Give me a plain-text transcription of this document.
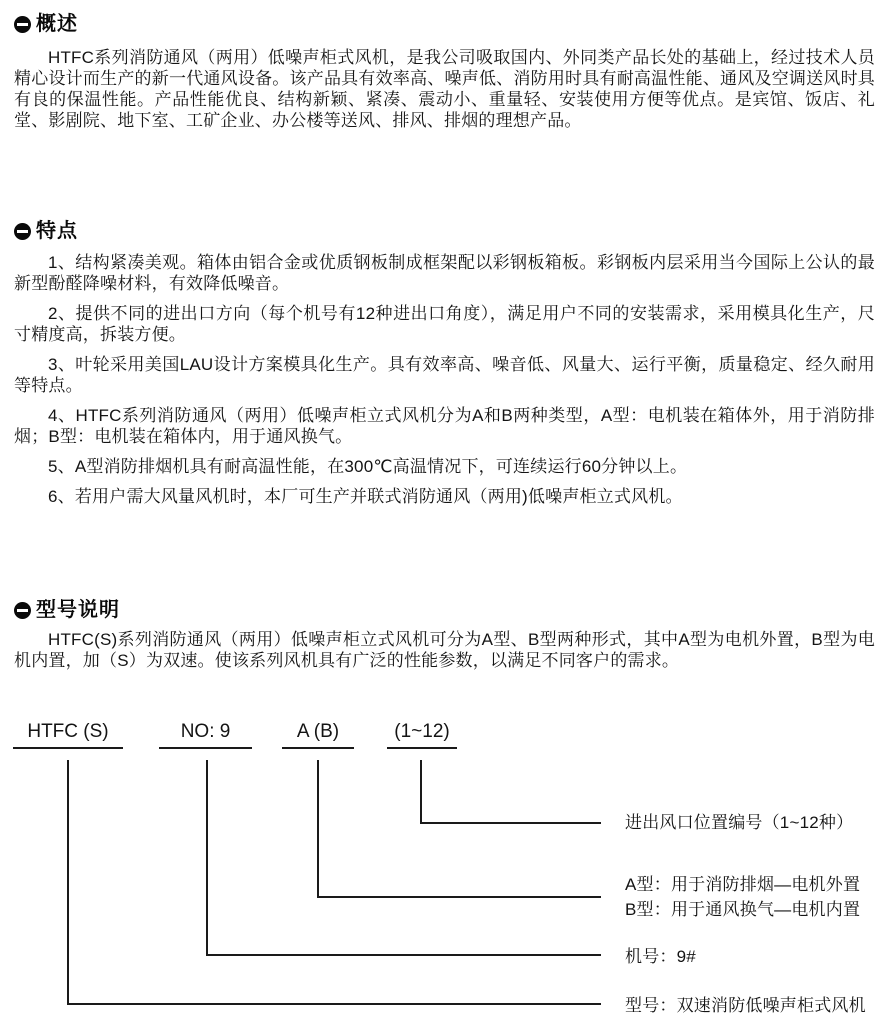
概述

HTFC系列消防通风（两用）低噪声柜式风机，是我公司吸取国内、外同类产品长处的基础上，经过技术人员精心设计而生产的新一代通风设备。该产品具有效率高、噪声低、消防用时具有耐高温性能、通风及空调送风时具有良的保温性能。产品性能优良、结构新颖、紧凑、震动小、重量轻、安装使用方便等优点。是宾馆、饭店、礼堂、影剧院、地下室、工矿企业、办公楼等送风、排风、排烟的理想产品。

特点

1、结构紧凑美观。箱体由铝合金或优质钢板制成框架配以彩钢板箱板。彩钢板内层采用当今国际上公认的最新型酚醛降噪材料，有效降低噪音。

2、提供不同的进出口方向（每个机号有12种进出口角度），满足用户不同的安装需求，采用模具化生产，尺寸精度高，拆装方便。

3、叶轮采用美国LAU设计方案模具化生产。具有效率高、噪音低、风量大、运行平衡，质量稳定、经久耐用等特点。

4、HTFC系列消防通风（两用）低噪声柜立式风机分为A和B两种类型，A型：电机装在箱体外，用于消防排烟；B型：电机装在箱体内，用于通风换气。

5、A型消防排烟机具有耐高温性能，在300℃高温情况下，可连续运行60分钟以上。

6、若用户需大风量风机时，本厂可生产并联式消防通风（两用)低噪声柜立式风机。

型号说明

HTFC(S)系列消防通风（两用）低噪声柜立式风机可分为A型、B型两种形式，其中A型为电机外置，B型为电机内置，加（S）为双速。使该系列风机具有广泛的性能参数，以满足不同客户的需求。

HTFC (S)	NO: 9	A (B)	(1~12)
进出风口位置编号（1~12种）
A型：用于消防排烟—电机外置
B型：用于通风换气—电机内置
机号：9#
型号：双速消防低噪声柜式风机
